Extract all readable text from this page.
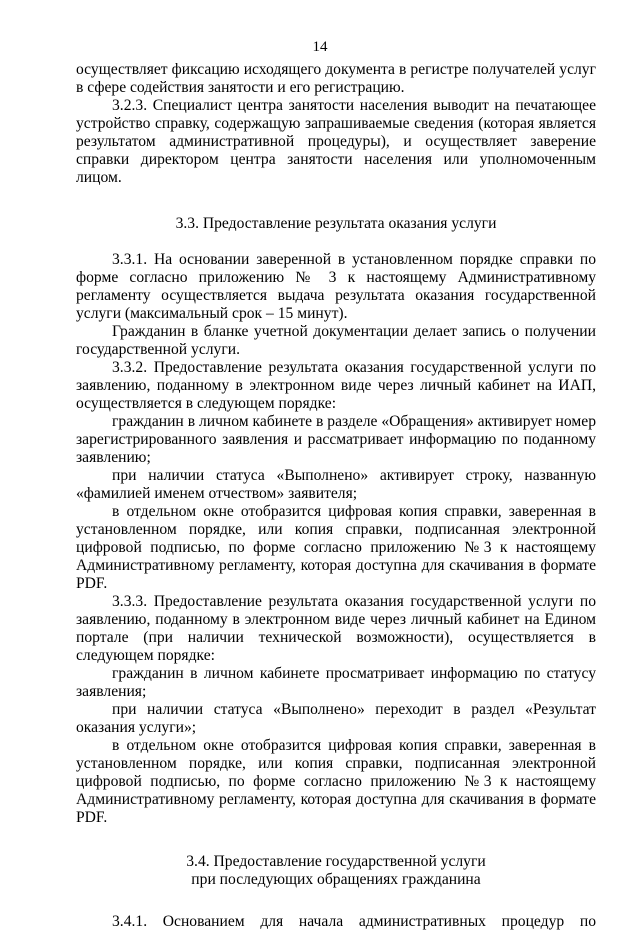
14

осуществляет фиксацию исходящего документа в регистре получателей услуг в сфере содействия занятости и его регистрацию.

3.2.3. Специалист центра занятости населения выводит на печатающее устройство справку, содержащую запрашиваемые сведения (которая является результатом административной процедуры), и осуществляет заверение справки директором центра занятости населения или уполномоченным лицом.

3.3. Предоставление результата оказания услуги

3.3.1. На основании заверенной в установленном порядке справки по форме согласно приложению № 3 к настоящему Административному регламенту осуществляется выдача результата оказания государственной услуги (максимальный срок – 15 минут).

Гражданин в бланке учетной документации делает запись о получении государственной услуги.

3.3.2. Предоставление результата оказания государственной услуги по заявлению, поданному в электронном виде через личный кабинет на ИАП, осуществляется в следующем порядке:

гражданин в личном кабинете в разделе «Обращения» активирует номер зарегистрированного заявления и рассматривает информацию по поданному заявлению;

при наличии статуса «Выполнено» активирует строку, названную «фамилией именем отчеством» заявителя;

в отдельном окне отобразится цифровая копия справки, заверенная в установленном порядке, или копия справки, подписанная электронной цифровой подписью, по форме согласно приложению №3 к настоящему Административному регламенту, которая доступна для скачивания в формате PDF.

3.3.3. Предоставление результата оказания государственной услуги по заявлению, поданному в электронном виде через личный кабинет на Едином портале (при наличии технической возможности), осуществляется в следующем порядке:

гражданин в личном кабинете просматривает информацию по статусу заявления;

при наличии статуса «Выполнено» переходит в раздел «Результат оказания услуги»;

в отдельном окне отобразится цифровая копия справки, заверенная в установленном порядке, или копия справки, подписанная электронной цифровой подписью, по форме согласно приложению №3 к настоящему Административному регламенту, которая доступна для скачивания в формате PDF.

3.4. Предоставление государственной услуги

при последующих обращениях гражданина

3.4.1. Основанием для начала административных процедур по
